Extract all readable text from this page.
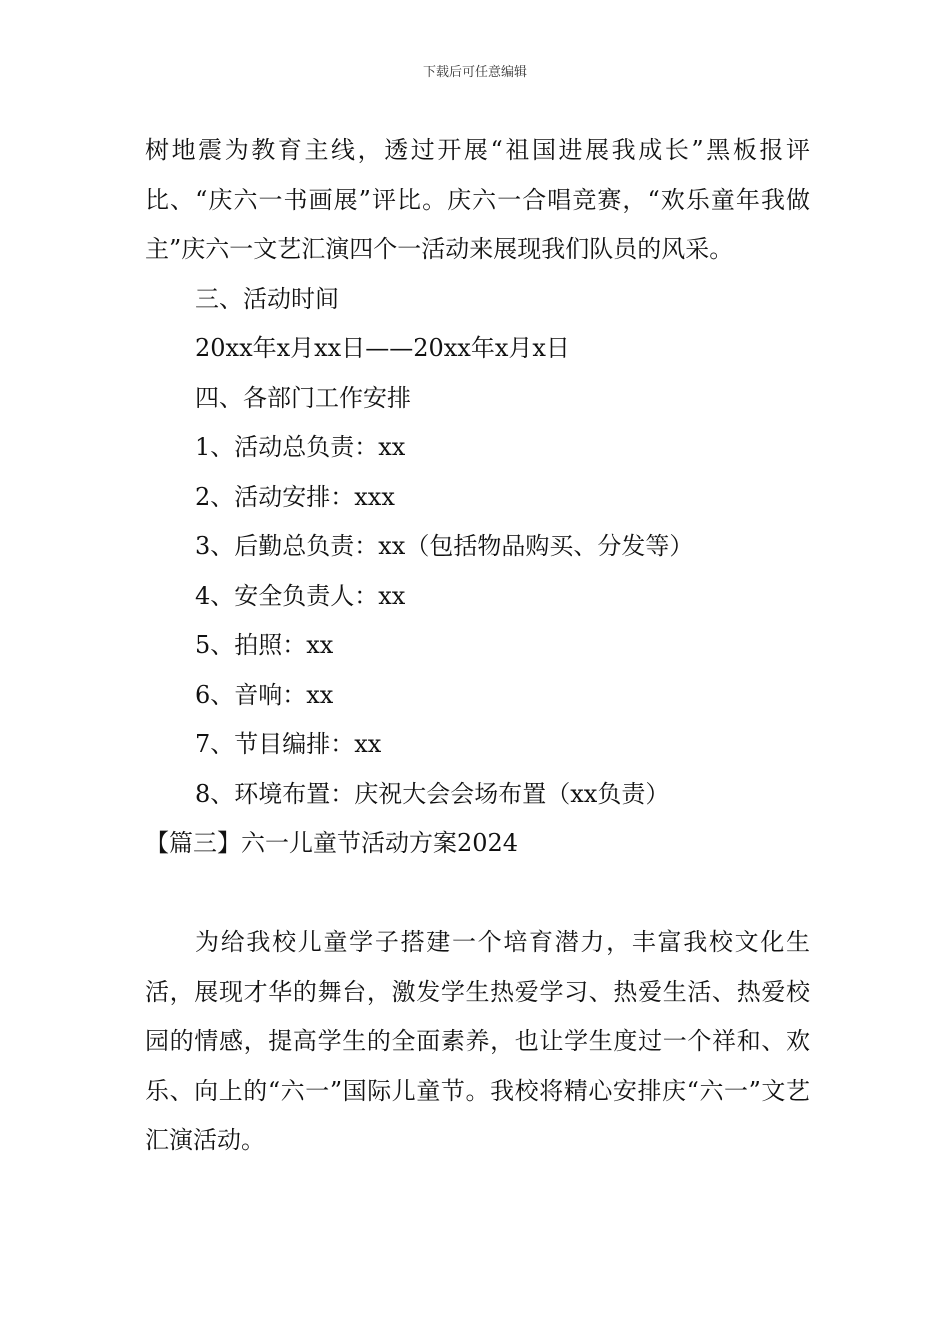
下载后可任意编辑

树地震为教育主线，透过开展“祖国进展我成长”黑板报评比、“庆六一书画展”评比。庆六一合唱竞赛，“欢乐童年我做主”庆六一文艺汇演四个一活动来展现我们队员的风采。

三、活动时间

20xx年x月xx日——20xx年x月x日

四、各部门工作安排

1、活动总负责：xx

2、活动安排：xxx

3、后勤总负责：xx（包括物品购买、分发等）

4、安全负责人：xx

5、拍照：xx

6、音响：xx

7、节目编排：xx

8、环境布置：庆祝大会会场布置（xx负责）

【篇三】六一儿童节活动方案2024

为给我校儿童学子搭建一个培育潜力，丰富我校文化生活，展现才华的舞台，激发学生热爱学习、热爱生活、热爱校园的情感，提高学生的全面素养，也让学生度过一个祥和、欢乐、向上的“六一”国际儿童节。我校将精心安排庆“六一”文艺汇演活动。
